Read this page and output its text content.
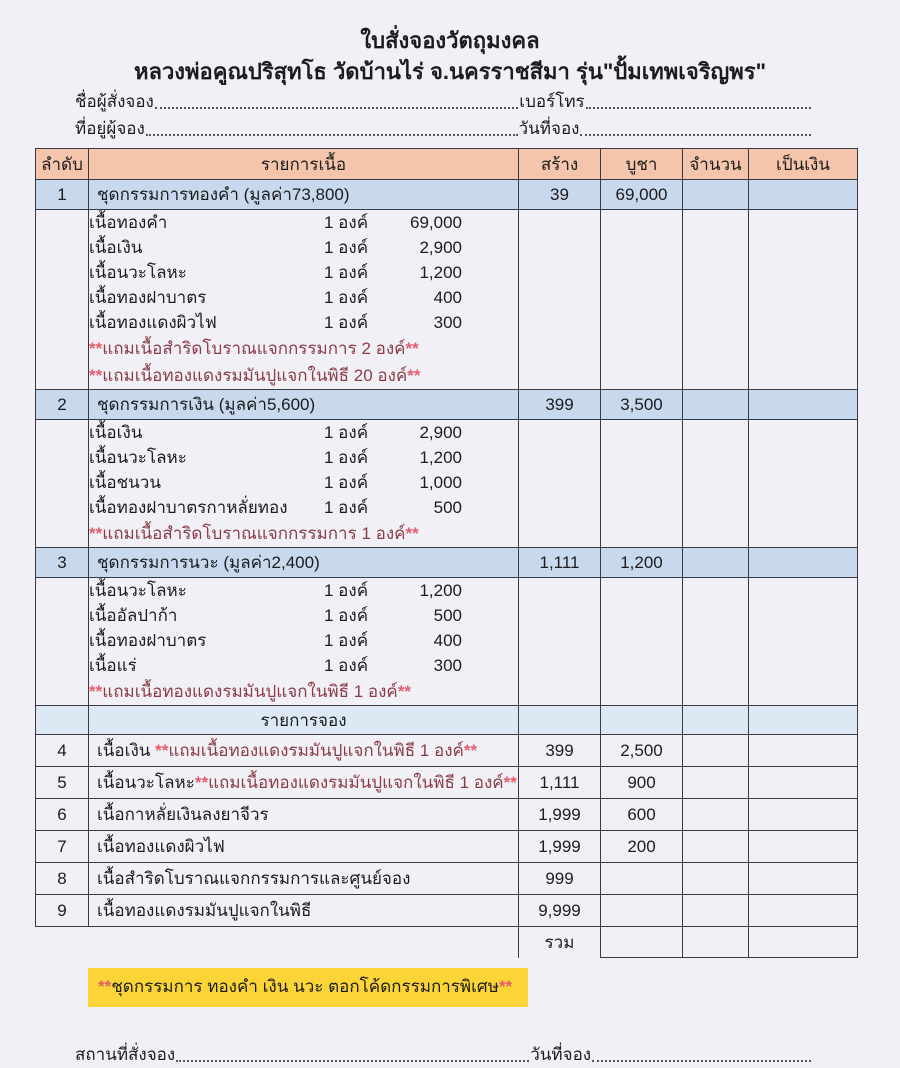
ใบสั่งจองวัตถุมงคล
หลวงพ่อคูณปริสุทโธ วัดบ้านไร่ จ.นครราชสีมา รุ่น"ปั้มเทพเจริญพร"
ชื่อผู้สั่งจอง	เบอร์โทร
ที่อยู่ผู้จอง	วันที่จอง
ลำดับ	รายการเนื้อ	สร้าง	บูชา	จำนวน	เป็นเงิน
1	ชุดกรรมการทองคำ (มูลค่า73,800)	39	69,000		

เนื้อทองคำ	1 องค์	69,000
เนื้อเงิน	1 องค์	2,900
เนื้อนวะโลหะ	1 องค์	1,200
เนื้อทองฝาบาตร	1 องค์	400
เนื้อทองแดงผิวไฟ	1 องค์	300
**แถมเนื้อสำริดโบราณแจกกรรมการ 2 องค์**
**แถมเนื้อทองแดงรมมันปูแจกในพิธี 20 องค์**

2	ชุดกรรมการเงิน (มูลค่า5,600)	399	3,500		

เนื้อเงิน	1 องค์	2,900
เนื้อนวะโลหะ	1 องค์	1,200
เนื้อชนวน	1 องค์	1,000
เนื้อทองฝาบาตรกาหลั่ยทอง	1 องค์	500
**แถมเนื้อสำริดโบราณแจกกรรมการ 1 องค์**

3	ชุดกรรมการนวะ (มูลค่า2,400)	1,111	1,200		

เนื้อนวะโลหะ	1 องค์	1,200
เนื้ออัลปาก้า	1 องค์	500
เนื้อทองฝาบาตร	1 องค์	400
เนื้อแร่	1 องค์	300
**แถมเนื้อทองแดงรมมันปูแจกในพิธี 1 องค์**

	รายการจอง				
4	เนื้อเงิน **แถมเนื้อทองแดงรมมันปูแจกในพิธี 1 องค์**	399	2,500		
5	เนื้อนวะโลหะ**แถมเนื้อทองแดงรมมันปูแจกในพิธี 1 องค์**	1,111	900		
6	เนื้อกาหลั่ยเงินลงยาจีวร	1,999	600		
7	เนื้อทองแดงผิวไฟ	1,999	200		
8	เนื้อสำริดโบราณแจกกรรมการและศูนย์จอง	999			
9	เนื้อทองแดงรมมันปูแจกในพิธี	9,999			
		รวม			
**ชุดกรรมการ ทองคำ เงิน นวะ ตอกโค้ดกรรมการพิเศษ**
สถานที่สั่งจอง	วันที่จอง
